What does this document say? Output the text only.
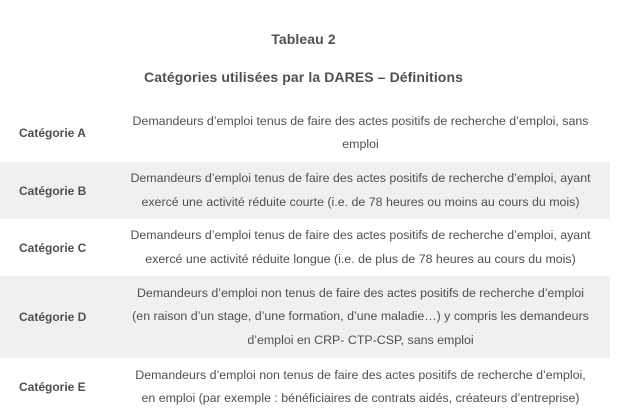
Tableau 2
Catégories utilisées par la DARES – Définitions
Catégorie A
Demandeurs d’emploi tenus de faire des actes positifs de recherche d’emploi, sans
emploi
Catégorie B
Demandeurs d’emploi tenus de faire des actes positifs de recherche d’emploi, ayant
exercé une activité réduite courte (i.e. de 78 heures ou moins au cours du mois)
Catégorie C
Demandeurs d’emploi tenus de faire des actes positifs de recherche d’emploi, ayant
exercé une activité réduite longue (i.e. de plus de 78 heures au cours du mois)
Catégorie D
Demandeurs d’emploi non tenus de faire des actes positifs de recherche d’emploi
(en raison d’un stage, d’une formation, d’une maladie…) y compris les demandeurs
d’emploi en CRP- CTP-CSP, sans emploi
Catégorie E
Demandeurs d’emploi non tenus de faire des actes positifs de recherche d’emploi,
en emploi (par exemple : bénéficiaires de contrats aidés, créateurs d’entreprise)
